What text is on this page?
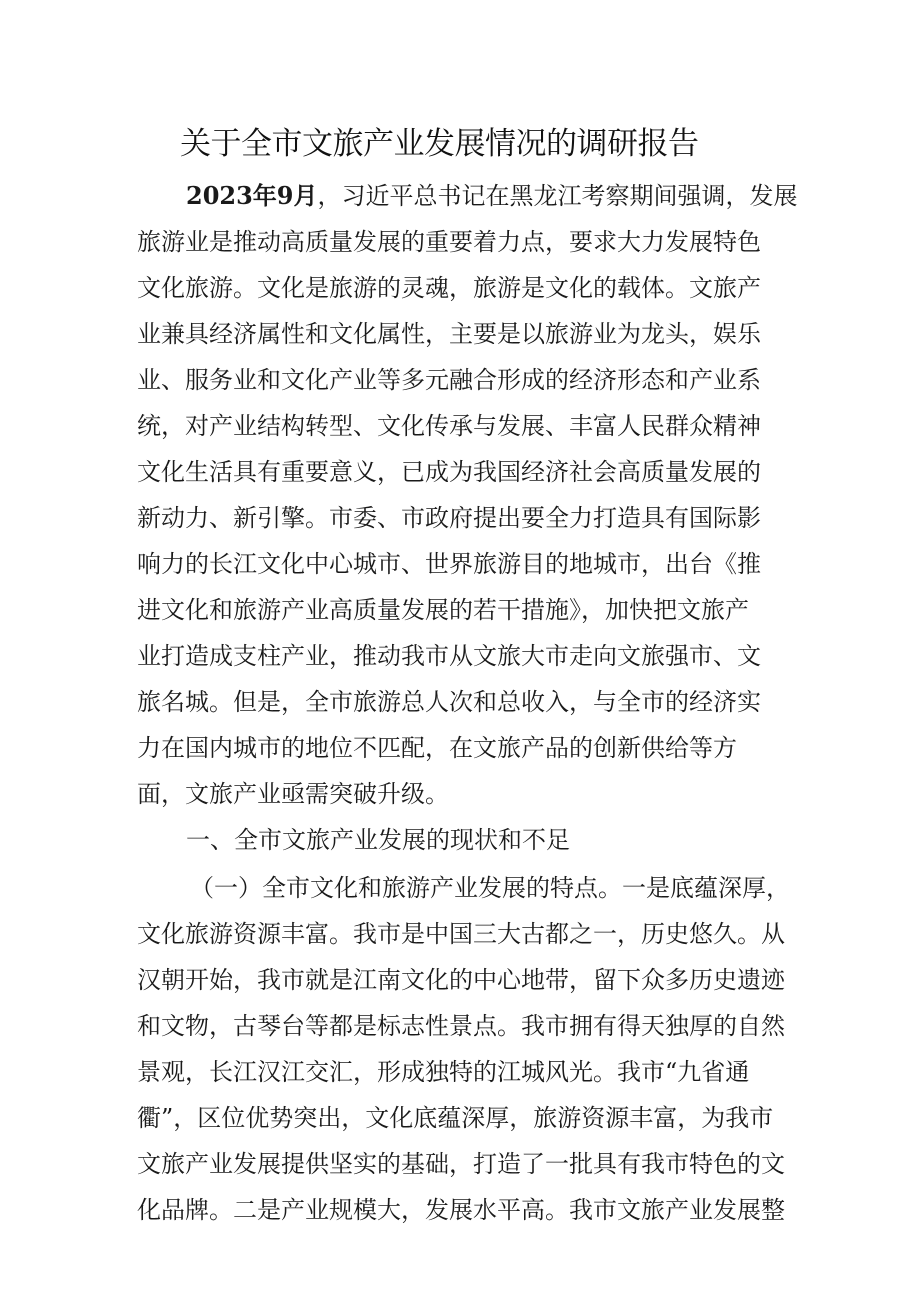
关于全市文旅产业发展情况的调研报告
2023年9月，习近平总书记在黑龙江考察期间强调，发展
旅游业是推动高质量发展的重要着力点，要求大力发展特色
文化旅游。文化是旅游的灵魂，旅游是文化的载体。文旅产
业兼具经济属性和文化属性，主要是以旅游业为龙头，娱乐
业、服务业和文化产业等多元融合形成的经济形态和产业系
统，对产业结构转型、文化传承与发展、丰富人民群众精神
文化生活具有重要意义，已成为我国经济社会高质量发展的
新动力、新引擎。市委、市政府提出要全力打造具有国际影
响力的长江文化中心城市、世界旅游目的地城市，出台《推
进文化和旅游产业高质量发展的若干措施》，加快把文旅产
业打造成支柱产业，推动我市从文旅大市走向文旅强市、文
旅名城。但是，全市旅游总人次和总收入，与全市的经济实
力在国内城市的地位不匹配，在文旅产品的创新供给等方
面，文旅产业亟需突破升级。
一、全市文旅产业发展的现状和不足
（一）全市文化和旅游产业发展的特点。一是底蕴深厚，
文化旅游资源丰富。我市是中国三大古都之一，历史悠久。从
汉朝开始，我市就是江南文化的中心地带，留下众多历史遗迹
和文物，古琴台等都是标志性景点。我市拥有得天独厚的自然
景观，长江汉江交汇，形成独特的江城风光。我市“九省通
衢”，区位优势突出，文化底蕴深厚，旅游资源丰富，为我市
文旅产业发展提供坚实的基础，打造了一批具有我市特色的文
化品牌。二是产业规模大，发展水平高。我市文旅产业发展整
